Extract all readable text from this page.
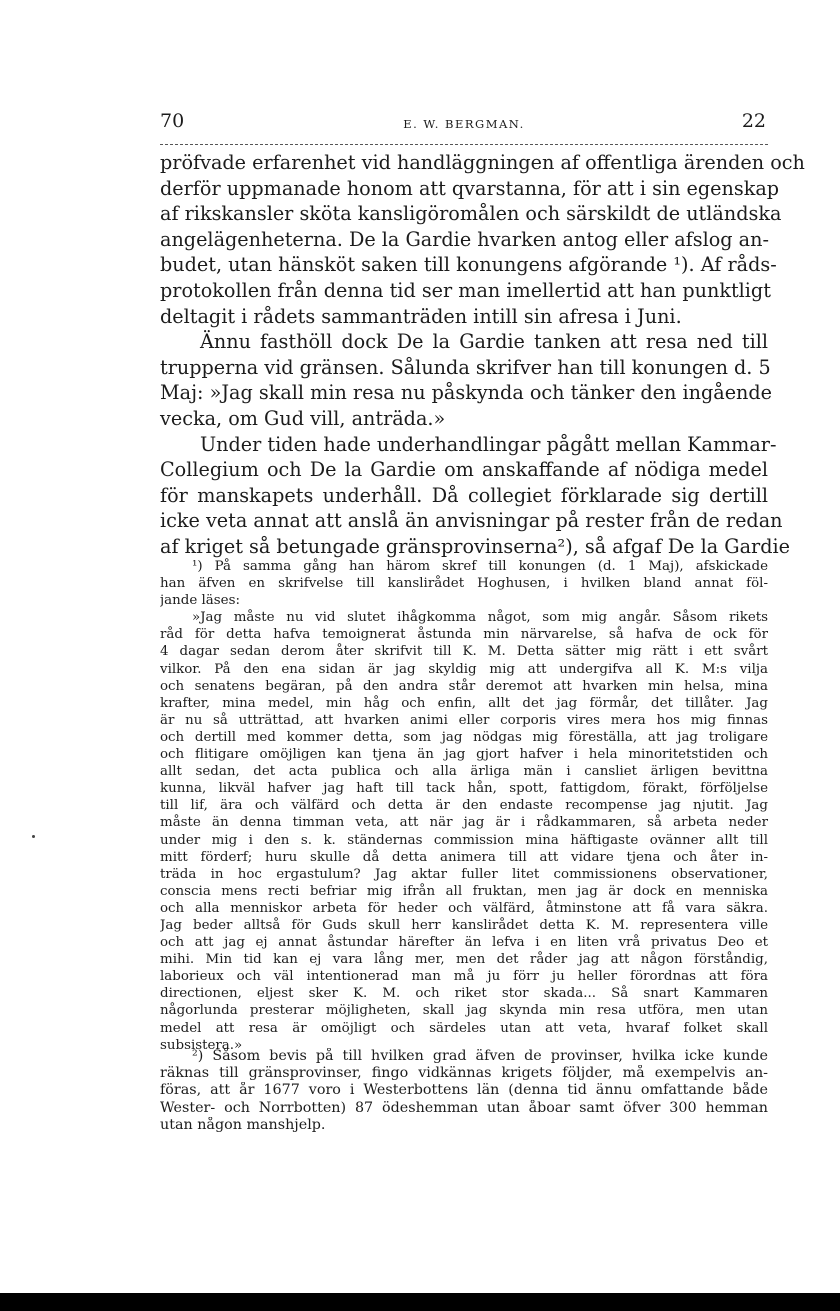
70	E. W. BERGMAN.	22
pröfvade erfarenhet vid handläggningen af offentliga ärenden och
derför uppmanade honom att qvarstanna, för att i sin egenskap
af rikskansler sköta kansligöromålen och särskildt de utländska
angelägenheterna. De la Gardie hvarken antog eller afslog an-
budet, utan hänsköt saken till konungens afgörande ¹). Af råds-
protokollen från denna tid ser man imellertid att han punktligt
deltagit i rådets sammanträden intill sin afresa i Juni.
Ännu fasthöll dock De la Gardie tanken att resa ned till
trupperna vid gränsen. Sålunda skrifver han till konungen d. 5
Maj: »Jag skall min resa nu påskynda och tänker den ingående
vecka, om Gud vill, anträda.»
Under tiden hade underhandlingar pågått mellan Kammar-
Collegium och De la Gardie om anskaffande af nödiga medel
för manskapets underhåll. Då collegiet förklarade sig dertill
icke veta annat att anslå än anvisningar på rester från de redan
af kriget så betungade gränsprovinserna²), så afgaf De la Gardie
¹) På samma gång han härom skref till konungen (d. 1 Maj), afskickade
han äfven en skrifvelse till kanslirådet Hoghusen, i hvilken bland annat föl-
jande läses:
»Jag måste nu vid slutet ihågkomma något, som mig angår. Såsom rikets
råd för detta hafva temoignerat åstunda min närvarelse, så hafva de ock för
4 dagar sedan derom åter skrifvit till K. M. Detta sätter mig rätt i ett svårt
vilkor. På den ena sidan är jag skyldig mig att undergifva all K. M:s vilja
och senatens begäran, på den andra står deremot att hvarken min helsa, mina
krafter, mina medel, min håg och enfin, allt det jag förmår, det tillåter. Jag
är nu så utträttad, att hvarken animi eller corporis vires mera hos mig finnas
och dertill med kommer detta, som jag nödgas mig föreställa, att jag troligare
och flitigare omöjligen kan tjena än jag gjort hafver i hela minoritetstiden och
allt sedan, det acta publica och alla ärliga män i cansliet ärligen bevittna
kunna, likväl hafver jag haft till tack hån, spott, fattigdom, förakt, förföljelse
till lif, ära och välfärd och detta är den endaste recompense jag njutit. Jag
måste än denna timman veta, att när jag är i rådkammaren, så arbeta neder
under mig i den s. k. ständernas commission mina häftigaste ovänner allt till
mitt förderf; huru skulle då detta animera till att vidare tjena och åter in-
träda in hoc ergastulum? Jag aktar fuller litet commissionens observationer,
conscia mens recti befriar mig ifrån all fruktan, men jag är dock en menniska
och alla menniskor arbeta för heder och välfärd, åtminstone att få vara säkra.
Jag beder alltså för Guds skull herr kanslirådet detta K. M. representera ville
och att jag ej annat åstundar härefter än lefva i en liten vrå privatus Deo et
mihi. Min tid kan ej vara lång mer, men det råder jag att någon förståndig,
laborieux och väl intentionerad man må ju förr ju heller förordnas att föra
directionen, eljest sker K. M. och riket stor skada... Så snart Kammaren
någorlunda presterar möjligheten, skall jag skynda min resa utföra, men utan
medel att resa är omöjligt och särdeles utan att veta, hvaraf folket skall
subsistera.»
²) Såsom bevis på till hvilken grad äfven de provinser, hvilka icke kunde
räknas till gränsprovinser, fingo vidkännas krigets följder, må exempelvis an-
föras, att år 1677 voro i Westerbottens län (denna tid ännu omfattande både
Wester- och Norrbotten) 87 ödeshemman utan åboar samt öfver 300 hemman
utan någon manshjelp.
